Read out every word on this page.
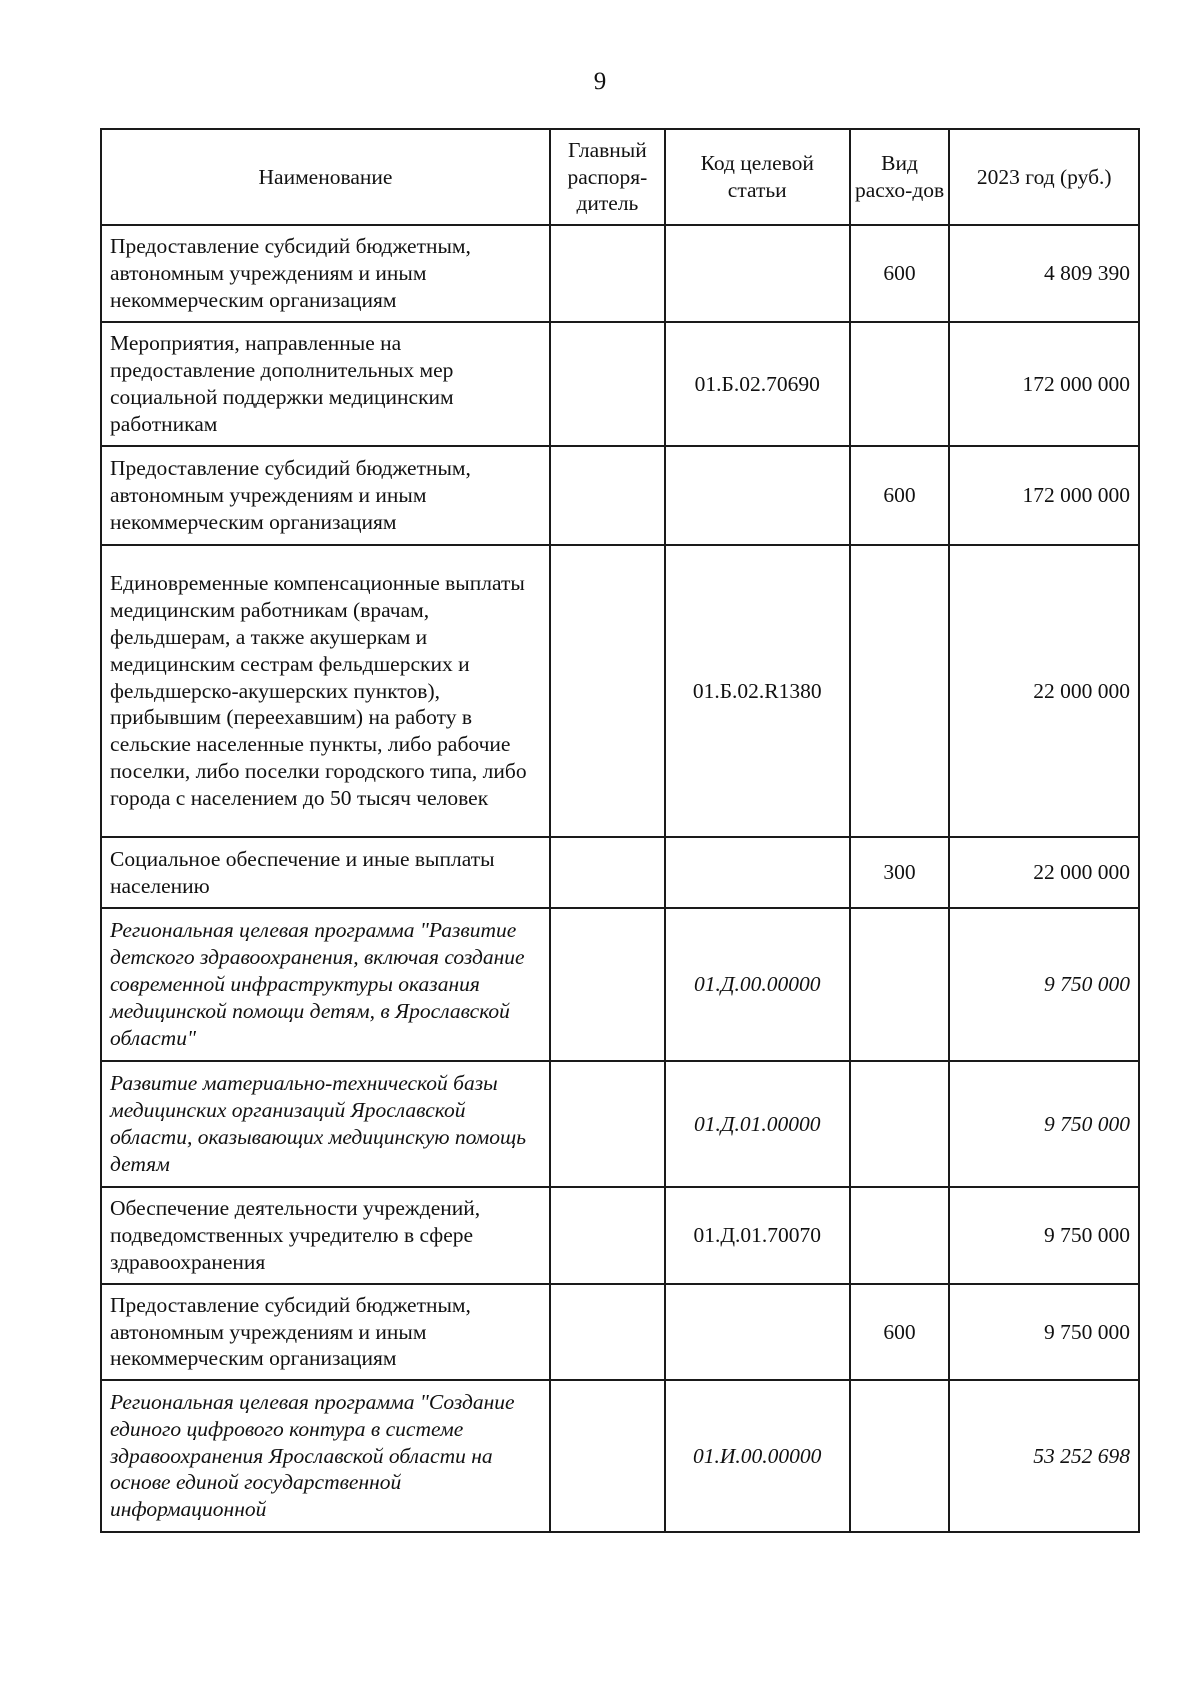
9
Наименование	Главный распоря-дитель	Код целевой статьи	Вид расхо-дов	2023 год (руб.)
Предоставление субсидий бюджетным, автономным учреждениям и иным некоммерческим организациям			600	4 809 390
Мероприятия, направленные на предоставление дополнительных мер социальной поддержки медицинским работникам		01.Б.02.70690		172 000 000
Предоставление субсидий бюджетным, автономным учреждениям и иным некоммерческим организациям			600	172 000 000
Единовременные компенсационные выплаты медицинским работникам (врачам, фельдшерам, а также акушеркам и медицинским сестрам фельдшерских и фельдшерско-акушерских пунктов), прибывшим (переехавшим) на работу в сельские населенные пункты, либо рабочие поселки, либо поселки городского типа, либо города с населением до 50 тысяч человек		01.Б.02.R1380		22 000 000
Социальное обеспечение и иные выплаты населению			300	22 000 000
Региональная целевая программа "Развитие детского здравоохранения, включая создание современной инфраструктуры оказания медицинской помощи детям, в Ярославской области"		01.Д.00.00000		9 750 000
Развитие материально-технической базы медицинских организаций Ярославской области, оказывающих медицинскую помощь детям		01.Д.01.00000		9 750 000
Обеспечение деятельности учреждений, подведомственных учредителю в сфере здравоохранения		01.Д.01.70070		9 750 000
Предоставление субсидий бюджетным, автономным учреждениям и иным некоммерческим организациям			600	9 750 000
Региональная целевая программа "Создание единого цифрового контура в системе здравоохранения Ярославской области на основе единой государственной информационной		01.И.00.00000		53 252 698
